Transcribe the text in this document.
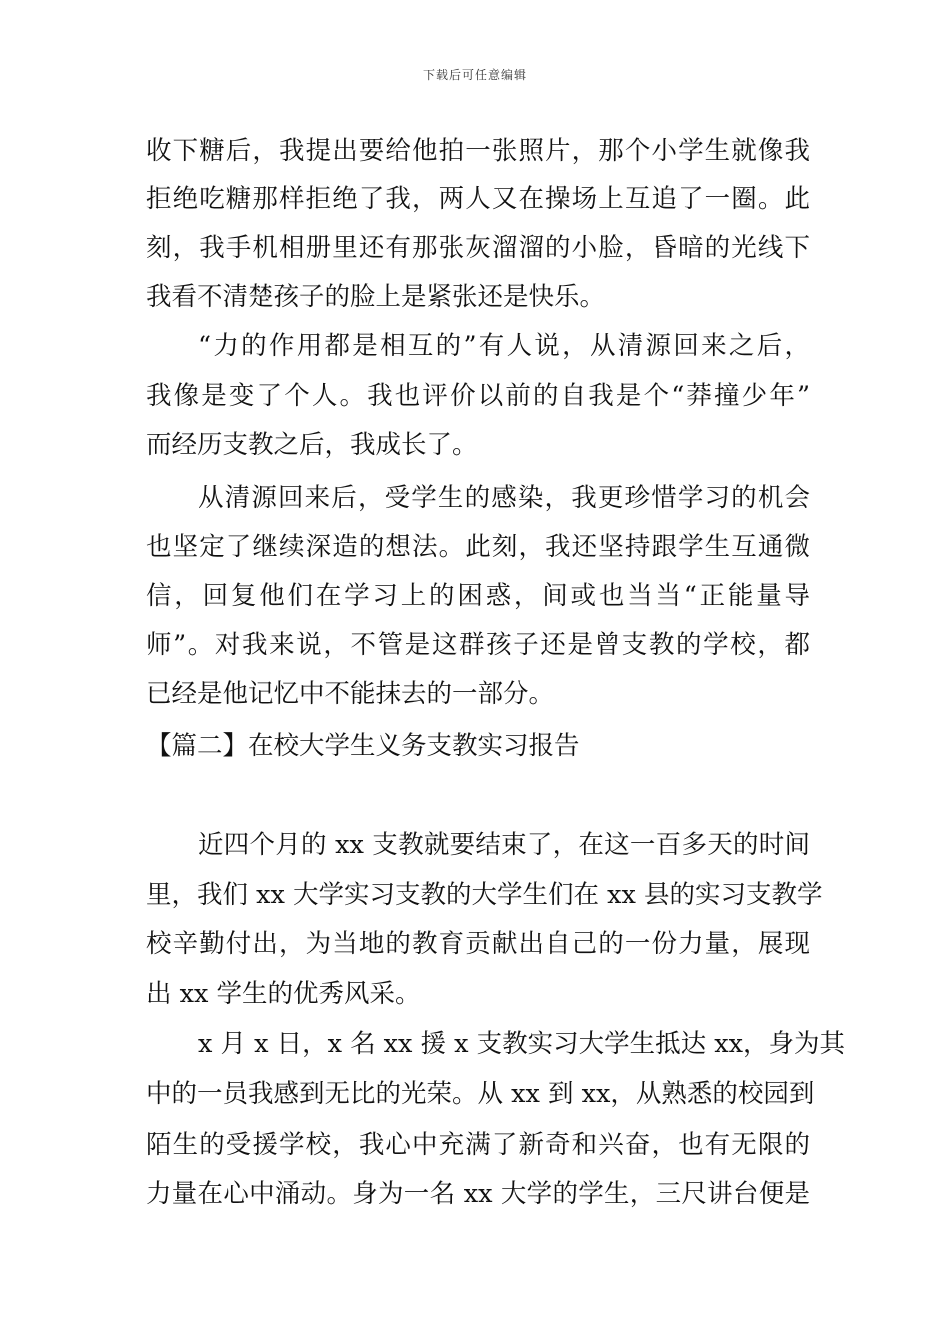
下载后可任意编辑
收下糖后，我提出要给他拍一张照片，那个小学生就像我
拒绝吃糖那样拒绝了我，两人又在操场上互追了一圈。此
刻，我手机相册里还有那张灰溜溜的小脸，昏暗的光线下
我看不清楚孩子的脸上是紧张还是快乐。
“力的作用都是相互的”有人说，从清源回来之后，
我像是变了个人。我也评价以前的自我是个“莽撞少年”
而经历支教之后，我成长了。
从清源回来后，受学生的感染，我更珍惜学习的机会
也坚定了继续深造的想法。此刻，我还坚持跟学生互通微
信，回复他们在学习上的困惑，间或也当当“正能量导
师”。对我来说，不管是这群孩子还是曾支教的学校，都
已经是他记忆中不能抹去的一部分。
【篇二】在校大学生义务支教实习报告
近四个月的 xx 支教就要结束了，在这一百多天的时间
里，我们 xx 大学实习支教的大学生们在 xx 县的实习支教学
校辛勤付出，为当地的教育贡献出自己的一份力量，展现
出 xx 学生的优秀风采。
x 月 x 日，x 名 xx 援 x 支教实习大学生抵达 xx，身为其
中的一员我感到无比的光荣。从 xx 到 xx，从熟悉的校园到
陌生的受援学校，我心中充满了新奇和兴奋，也有无限的
力量在心中涌动。身为一名 xx 大学的学生，三尺讲台便是
